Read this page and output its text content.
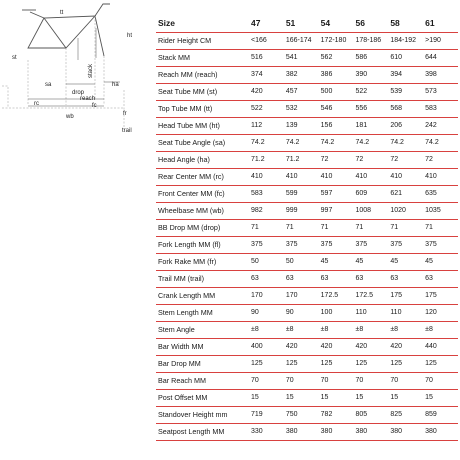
tt
ht
st
ha
stack
sa
drop
reach
rc	fc
wb	fr
trail
Size	47	51	54	56	58	61
Rider Height CM	<166	166-174	172-180	178-186	184-192	>190
Stack MM	516	541	562	586	610	644
Reach MM (reach)	374	382	386	390	394	398
Seat Tube MM (st)	420	457	500	522	539	573
Top Tube MM (tt)	522	532	546	556	568	583
Head Tube MM (ht)	112	139	156	181	206	242
Seat Tube Angle (sa)	74.2	74.2	74.2	74.2	74.2	74.2
Head Angle (ha)	71.2	71.2	72	72	72	72
Rear Center MM (rc)	410	410	410	410	410	410
Front Center MM (fc)	583	599	597	609	621	635
Wheelbase MM (wb)	982	999	997	1008	1020	1035
BB Drop MM (drop)	71	71	71	71	71	71
Fork Length MM (fl)	375	375	375	375	375	375
Fork Rake MM (fr)	50	50	45	45	45	45
Trail MM (trail)	63	63	63	63	63	63
Crank Length MM	170	170	172.5	172.5	175	175
Stem Length MM	90	90	100	110	110	120
Stem Angle	±8	±8	±8	±8	±8	±8
Bar Width MM	400	420	420	420	420	440
Bar Drop MM	125	125	125	125	125	125
Bar Reach MM	70	70	70	70	70	70
Post Offset MM	15	15	15	15	15	15
Standover Height mm	719	750	782	805	825	859
Seatpost Length MM	330	380	380	380	380	380
